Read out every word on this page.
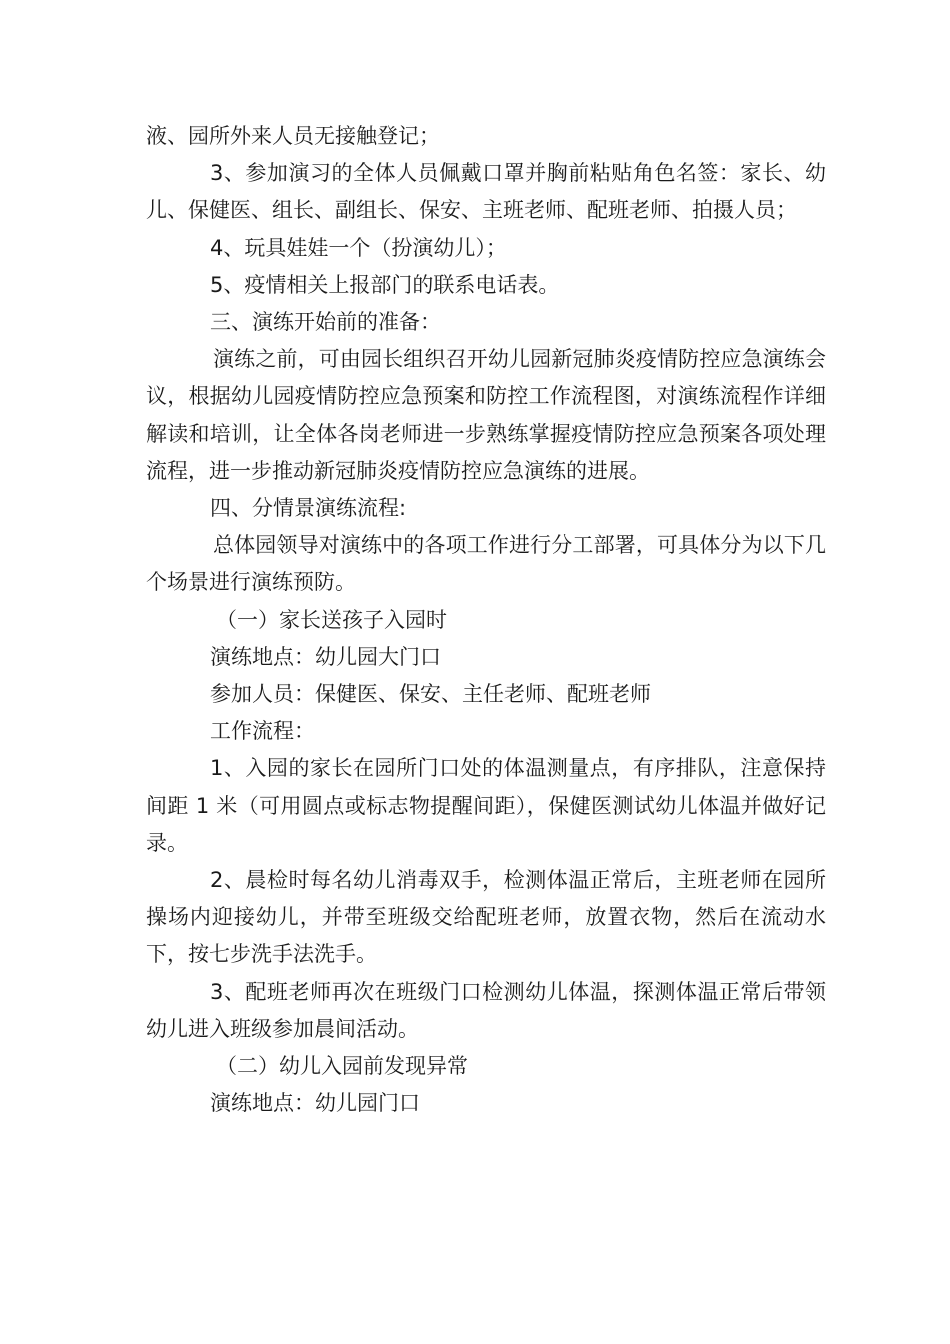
液、园所外来人员无接触登记；

3、参加演习的全体人员佩戴口罩并胸前粘贴角色名签：家长、幼儿、保健医、组长、副组长、保安、主班老师、配班老师、拍摄人员；

4、玩具娃娃一个（扮演幼儿）；

5、疫情相关上报部门的联系电话表。

三、演练开始前的准备：

演练之前，可由园长组织召开幼儿园新冠肺炎疫情防控应急演练会议，根据幼儿园疫情防控应急预案和防控工作流程图，对演练流程作详细解读和培训，让全体各岗老师进一步熟练掌握疫情防控应急预案各项处理流程，进一步推动新冠肺炎疫情防控应急演练的进展。

四、分情景演练流程:

总体园领导对演练中的各项工作进行分工部署，可具体分为以下几个场景进行演练预防。

（一）家长送孩子入园时

演练地点：幼儿园大门口

参加人员：保健医、保安、主任老师、配班老师

工作流程：

1、入园的家长在园所门口处的体温测量点，有序排队，注意保持间距 1 米（可用圆点或标志物提醒间距），保健医测试幼儿体温并做好记录。

2、晨检时每名幼儿消毒双手，检测体温正常后，主班老师在园所操场内迎接幼儿，并带至班级交给配班老师，放置衣物，然后在流动水下，按七步洗手法洗手。

3、配班老师再次在班级门口检测幼儿体温，探测体温正常后带领幼儿进入班级参加晨间活动。

（二）幼儿入园前发现异常

演练地点：幼儿园门口
